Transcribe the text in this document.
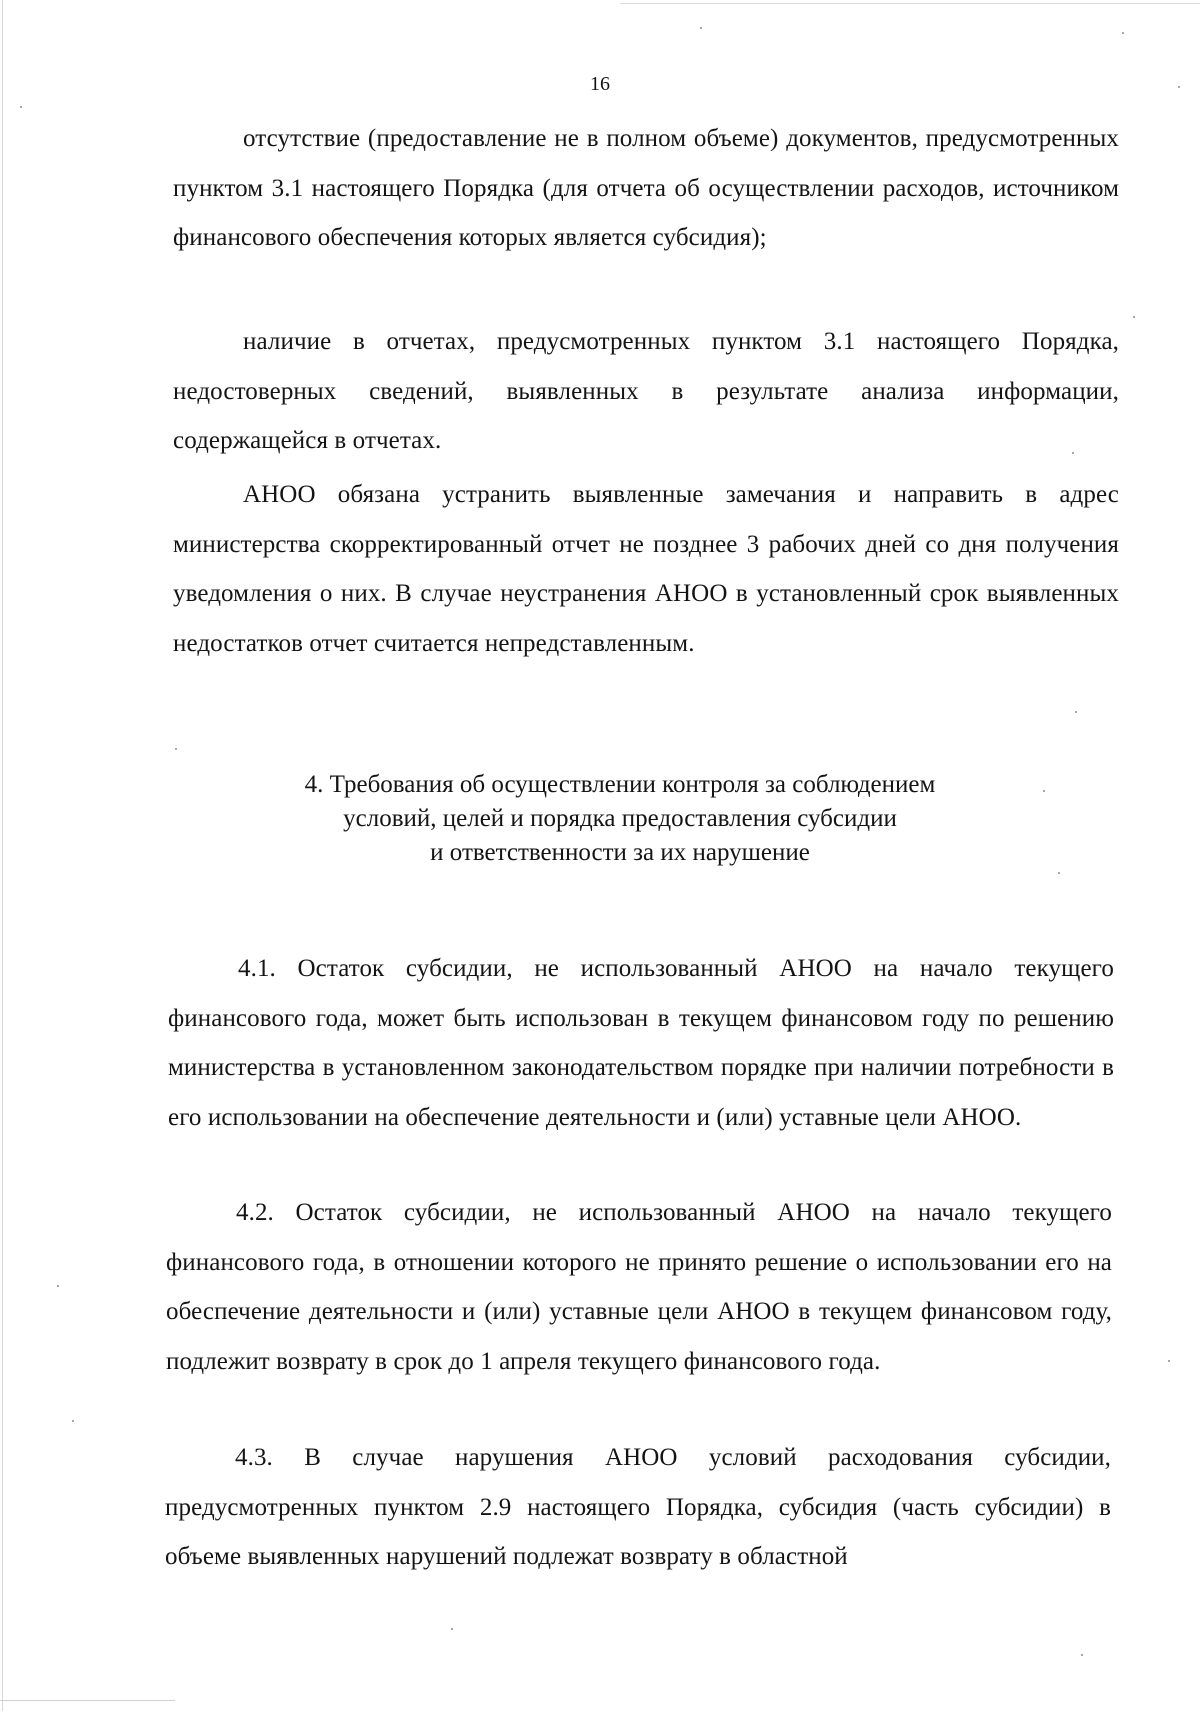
16

отсутствие (предоставление не в полном объеме) документов, предусмотренных пунктом 3.1 настоящего Порядка (для отчета об осуществлении расходов, источником финансового обеспечения которых является субсидия);

наличие в отчетах, предусмотренных пунктом 3.1 настоящего Порядка, недостоверных сведений, выявленных в результате анализа информации, содержащейся в отчетах.

АНОО обязана устранить выявленные замечания и направить в адрес министерства скорректированный отчет не позднее 3 рабочих дней со дня получения уведомления о них. В случае неустранения АНОО в установленный срок выявленных недостатков отчет считается непредставленным.

4. Требования об осуществлении контроля за соблюдением
условий, целей и порядка предоставления субсидии
и ответственности за их нарушение

4.1. Остаток субсидии, не использованный АНОО на начало текущего финансового года, может быть использован в текущем финансовом году по решению министерства в установленном законодательством порядке при наличии потребности в его использовании на обеспечение деятельности и (или) уставные цели АНОО.

4.2. Остаток субсидии, не использованный АНОО на начало текущего финансового года, в отношении которого не принято решение о использовании его на обеспечение деятельности и (или) уставные цели АНОО в текущем финансовом году, подлежит возврату в срок до 1 апреля текущего финансового года.

4.3. В случае нарушения АНОО условий расходования субсидии, предусмотренных пунктом 2.9 настоящего Порядка, субсидия (часть субсидии) в объеме выявленных нарушений подлежат возврату в областной
